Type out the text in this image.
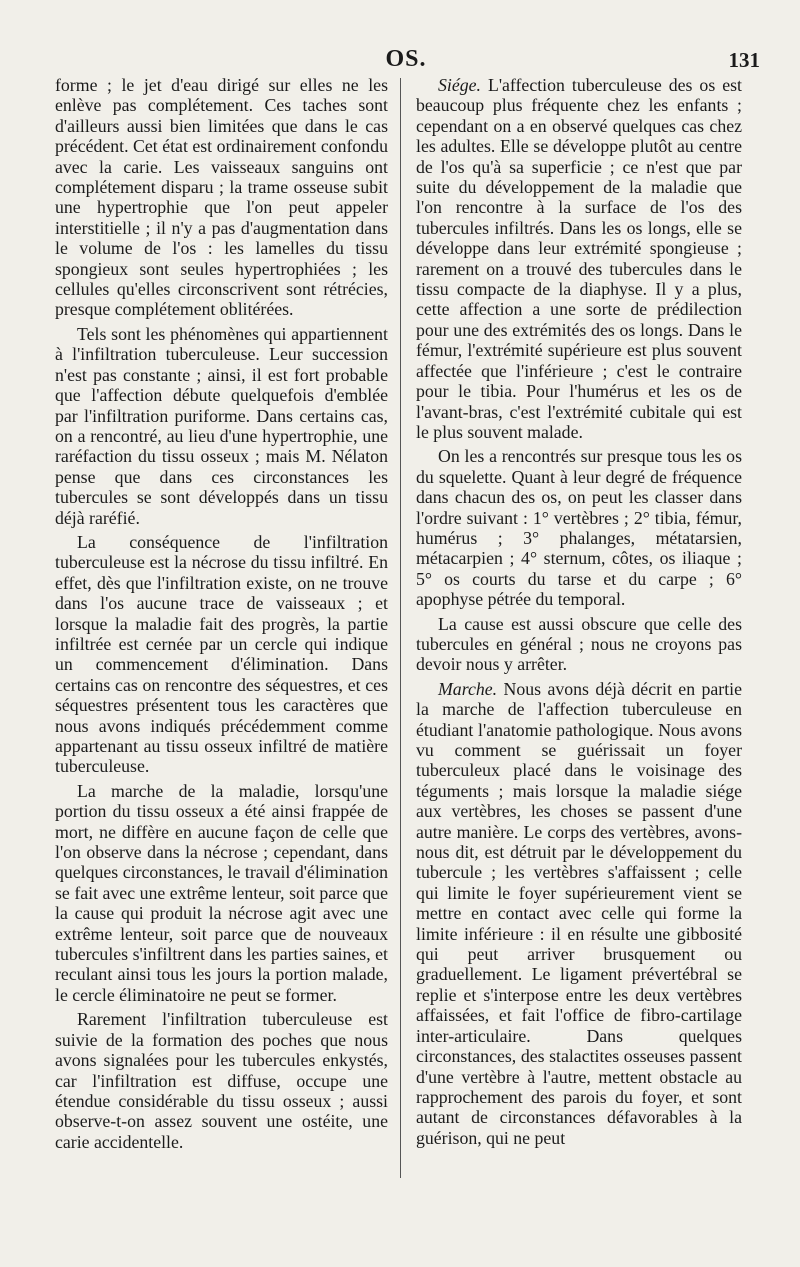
OS.	131

forme ; le jet d'eau dirigé sur elles ne les enlève pas complétement. Ces taches sont d'ailleurs aussi bien limitées que dans le cas précédent. Cet état est ordinairement confondu avec la carie. Les vaisseaux sanguins ont complétement disparu ; la trame osseuse subit une hypertrophie que l'on peut appeler interstitielle ; il n'y a pas d'augmentation dans le volume de l'os : les lamelles du tissu spongieux sont seules hypertrophiées ; les cellules qu'elles circonscrivent sont rétrécies, presque complétement oblitérées.

Tels sont les phénomènes qui appartiennent à l'infiltration tuberculeuse. Leur succession n'est pas constante ; ainsi, il est fort probable que l'affection débute quelquefois d'emblée par l'infiltration puriforme. Dans certains cas, on a rencontré, au lieu d'une hypertrophie, une raréfaction du tissu osseux ; mais M. Nélaton pense que dans ces circonstances les tubercules se sont développés dans un tissu déjà raréfié.

La conséquence de l'infiltration tuberculeuse est la nécrose du tissu infiltré. En effet, dès que l'infiltration existe, on ne trouve dans l'os aucune trace de vaisseaux ; et lorsque la maladie fait des progrès, la partie infiltrée est cernée par un cercle qui indique un commencement d'élimination. Dans certains cas on rencontre des séquestres, et ces séquestres présentent tous les caractères que nous avons indiqués précédemment comme appartenant au tissu osseux infiltré de matière tuberculeuse.

La marche de la maladie, lorsqu'une portion du tissu osseux a été ainsi frappée de mort, ne diffère en aucune façon de celle que l'on observe dans la nécrose ; cependant, dans quelques circonstances, le travail d'élimination se fait avec une extrême lenteur, soit parce que la cause qui produit la nécrose agit avec une extrême lenteur, soit parce que de nouveaux tubercules s'infiltrent dans les parties saines, et reculant ainsi tous les jours la portion malade, le cercle éliminatoire ne peut se former.

Rarement l'infiltration tuberculeuse est suivie de la formation des poches que nous avons signalées pour les tubercules enkystés, car l'infiltration est diffuse, occupe une étendue considérable du tissu osseux ; aussi observe-t-on assez souvent une ostéite, une carie accidentelle.

Siége. L'affection tuberculeuse des os est beaucoup plus fréquente chez les enfants ; cependant on a en observé quelques cas chez les adultes. Elle se développe plutôt au centre de l'os qu'à sa superficie ; ce n'est que par suite du développement de la maladie que l'on rencontre à la surface de l'os des tubercules infiltrés. Dans les os longs, elle se développe dans leur extrémité spongieuse ; rarement on a trouvé des tubercules dans le tissu compacte de la diaphyse. Il y a plus, cette affection a une sorte de prédilection pour une des extrémités des os longs. Dans le fémur, l'extrémité supérieure est plus souvent affectée que l'inférieure ; c'est le contraire pour le tibia. Pour l'humérus et les os de l'avant-bras, c'est l'extrémité cubitale qui est le plus souvent malade.

On les a rencontrés sur presque tous les os du squelette. Quant à leur degré de fréquence dans chacun des os, on peut les classer dans l'ordre suivant : 1° vertèbres ; 2° tibia, fémur, humérus ; 3° phalanges, métatarsien, métacarpien ; 4° sternum, côtes, os iliaque ; 5° os courts du tarse et du carpe ; 6° apophyse pétrée du temporal.

La cause est aussi obscure que celle des tubercules en général ; nous ne croyons pas devoir nous y arrêter.

Marche. Nous avons déjà décrit en partie la marche de l'affection tuberculeuse en étudiant l'anatomie pathologique. Nous avons vu comment se guérissait un foyer tuberculeux placé dans le voisinage des téguments ; mais lorsque la maladie siége aux vertèbres, les choses se passent d'une autre manière. Le corps des vertèbres, avons-nous dit, est détruit par le développement du tubercule ; les vertèbres s'affaissent ; celle qui limite le foyer supérieurement vient se mettre en contact avec celle qui forme la limite inférieure : il en résulte une gibbosité qui peut arriver brusquement ou graduellement. Le ligament prévertébral se replie et s'interpose entre les deux vertèbres affaissées, et fait l'office de fibro-cartilage inter-articulaire. Dans quelques circonstances, des stalactites osseuses passent d'une vertèbre à l'autre, mettent obstacle au rapprochement des parois du foyer, et sont autant de circonstances défavorables à la guérison, qui ne peut
